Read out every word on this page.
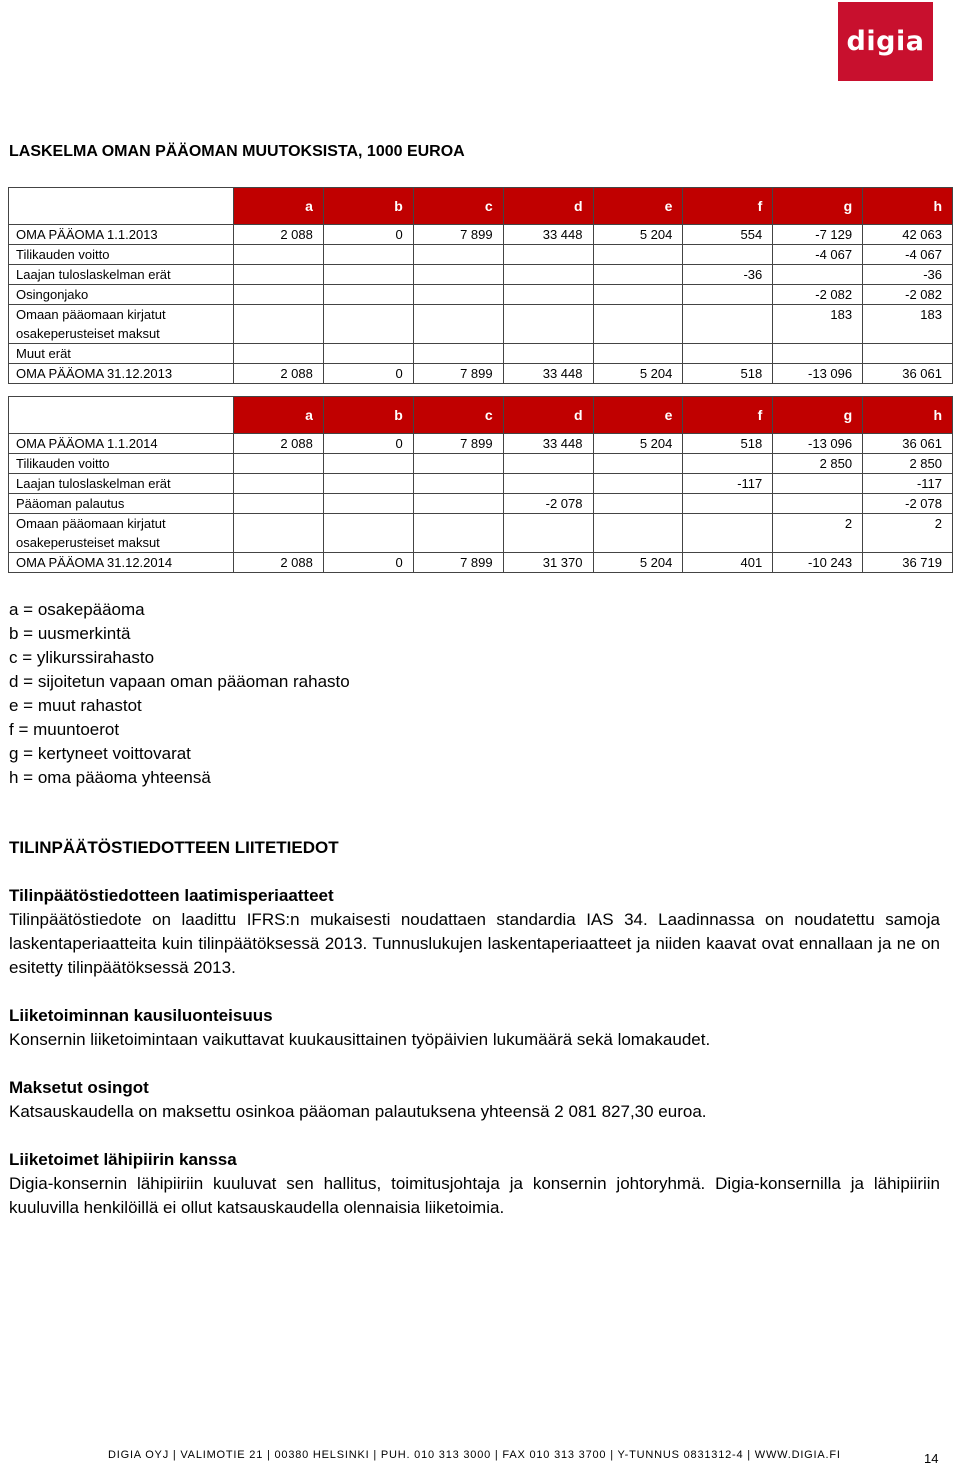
digia
LASKELMA OMAN PÄÄOMAN MUUTOKSISTA, 1000 EUROA
	a	b	c	d	e	f	g	h
OMA PÄÄOMA 1.1.2013	2 088	0	7 899	33 448	5 204	554	-7 129	42 063
Tilikauden voitto							-4 067	-4 067
Laajan tuloslaskelman erät						-36		-36
Osingonjako							-2 082	-2 082
Omaan pääomaan kirjatut osakeperusteiset maksut							183	183
Muut erät								
OMA PÄÄOMA 31.12.2013	2 088	0	7 899	33 448	5 204	518	-13 096	36 061
	a	b	c	d	e	f	g	h
OMA PÄÄOMA 1.1.2014	2 088	0	7 899	33 448	5 204	518	-13 096	36 061
Tilikauden voitto							2 850	2 850
Laajan tuloslaskelman erät						-117		-117
Pääoman palautus				-2 078				-2 078
Omaan pääomaan kirjatut osakeperusteiset maksut							2	2
OMA PÄÄOMA 31.12.2014	2 088	0	7 899	31 370	5 204	401	-10 243	36 719
a = osakepääoma
b = uusmerkintä
c = ylikurssirahasto
d = sijoitetun vapaan oman pääoman rahasto
e = muut rahastot
f = muuntoerot
g = kertyneet voittovarat
h = oma pääoma yhteensä
TILINPÄÄTÖSTIEDOTTEEN LIITETIEDOT
Tilinpäätöstiedotteen laatimisperiaatteet

Tilinpäätöstiedote on laadittu IFRS:n mukaisesti noudattaen standardia IAS 34. Laadinnassa on noudatettu samoja laskentaperiaatteita kuin tilinpäätöksessä 2013. Tunnuslukujen laskentaperiaatteet ja niiden kaavat ovat ennallaan ja ne on esitetty tilinpäätöksessä 2013.

Liiketoiminnan kausiluonteisuus

Konsernin liiketoimintaan vaikuttavat kuukausittainen työpäivien lukumäärä sekä lomakaudet.

Maksetut osingot

Katsauskaudella on maksettu osinkoa pääoman palautuksena yhteensä 2 081 827,30 euroa.

Liiketoimet lähipiirin kanssa

Digia-konsernin lähipiiriin kuuluvat sen hallitus, toimitusjohtaja ja konsernin johtoryhmä. Digia-konsernilla ja lähipiiriin kuuluvilla henkilöillä ei ollut katsauskaudella olennaisia liiketoimia.

DIGIA OYJ | VALIMOTIE 21 | 00380 HELSINKI | PUH. 010 313 3000 | FAX 010 313 3700 | Y-TUNNUS 0831312-4 | WWW.DIGIA.FI	14
